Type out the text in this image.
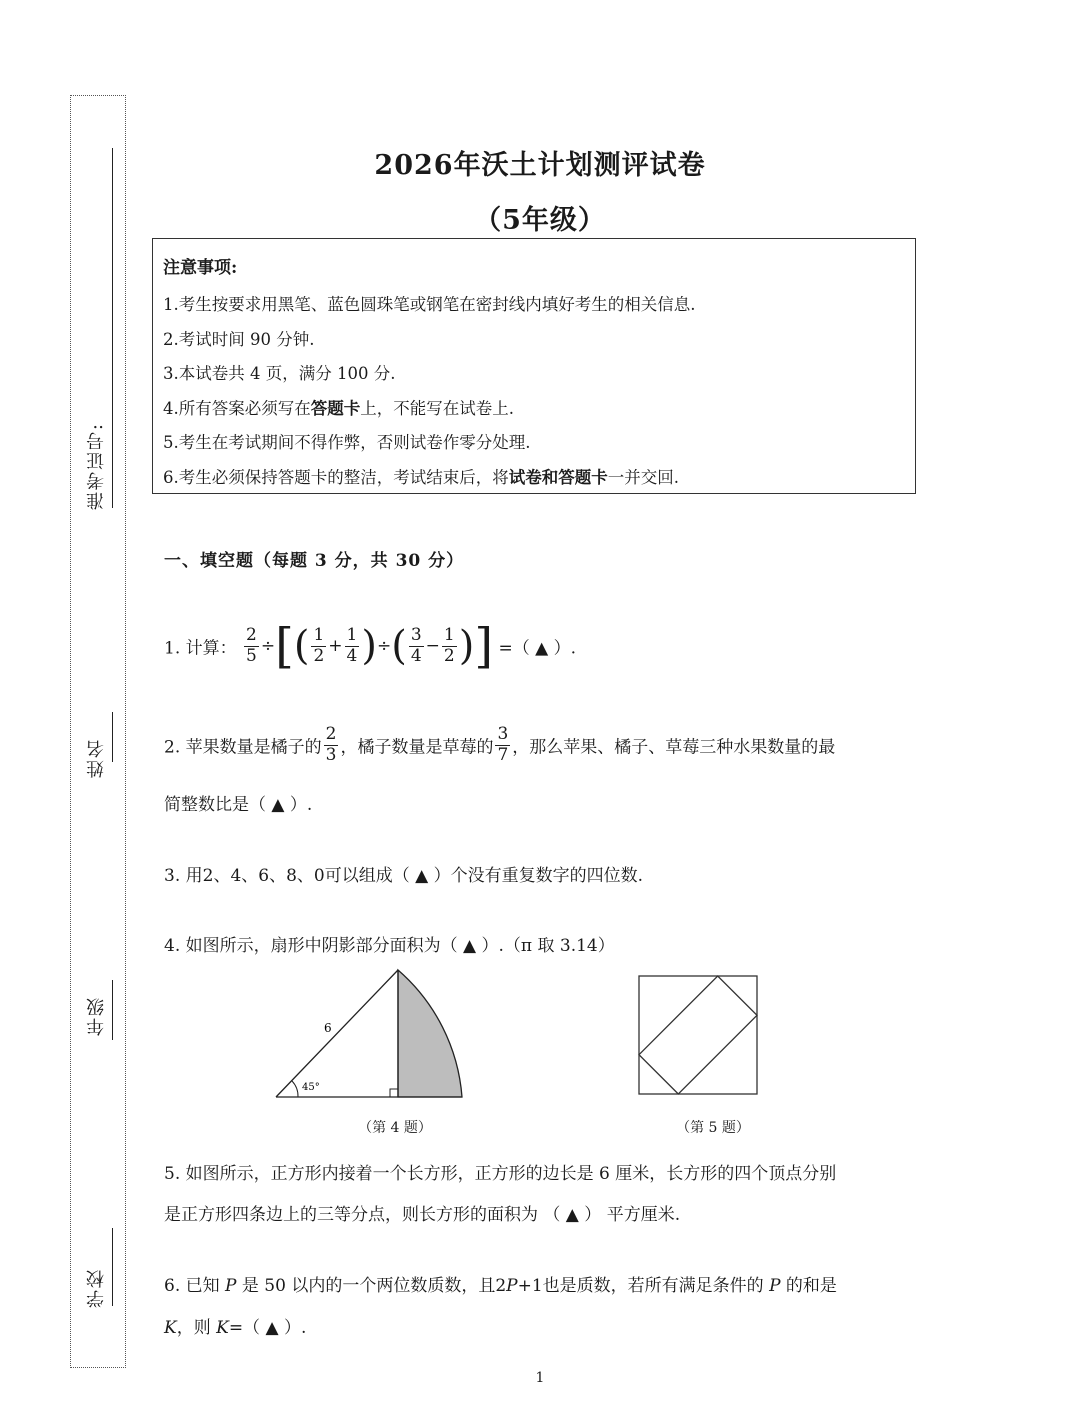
准考证号:
姓名
年级
学校
2026年沃土计划测评试卷
（5年级）
注意事项:
1.考生按要求用黑笔、蓝色圆珠笔或钢笔在密封线内填好考生的相关信息.
2.考试时间 90 分钟.
3.本试卷共 4 页，满分 100 分.
4.所有答案必须写在答题卡上，不能写在试卷上.
5.考生在考试期间不得作弊，否则试卷作零分处理.
6.考生必须保持答题卡的整洁，考试结束后，将试卷和答题卡一并交回.
一、填空题（每题 3 分，共 30 分）
1. 计算： $\frac{2}{5}$ ÷[( $\frac{1}{2} + \frac{1}{4}$ )÷( $\frac{3}{4} - \frac{1}{2}$ )] =（ ▲ ）.
2. 苹果数量是橘子的 $\frac{2}{3}$ ，橘子数量是草莓的 $\frac{3}{7}$ ，那么苹果、橘子、草莓三种水果数量的最
简整数比是（ ▲ ）.
3. 用2、4、6、8、0可以组成（ ▲ ）个没有重复数字的四位数.
4. 如图所示，扇形中阴影部分面积为（ ▲ ）.（π 取 3.14）
6
45°
（第 4 题）	（第 5 题）
5. 如图所示，正方形内接着一个长方形，正方形的边长是 6 厘米，长方形的四个顶点分别
是正方形四条边上的三等分点，则长方形的面积为 （ ▲ ） 平方厘米.
6. 已知 P 是 50 以内的一个两位数质数，且2P+1也是质数，若所有满足条件的 P 的和是
K，则 K=（ ▲ ）.
1
